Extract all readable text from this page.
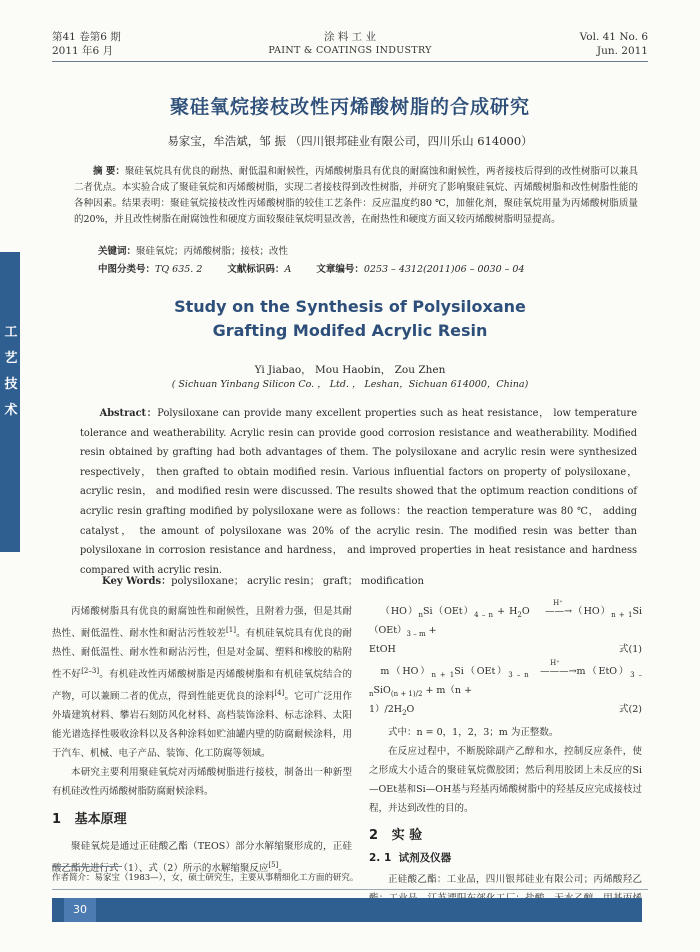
第41 卷第6 期
2011 年6 月
涂 料 工 业
PAINT & COATINGS INDUSTRY
Vol. 41 No. 6
Jun. 2011
工艺技术
聚硅氧烷接枝改性丙烯酸树脂的合成研究
易家宝，牟浩斌，邹 振 （四川银邦硅业有限公司，四川乐山 614000）
摘 要：聚硅氧烷具有优良的耐热、耐低温和耐候性，丙烯酸树脂具有优良的耐腐蚀和耐候性，两者接枝后得到的改性树脂可以兼具二者优点。本实验合成了聚硅氧烷和丙烯酸树脂，实现二者接枝得到改性树脂，并研究了影响聚硅氧烷、丙烯酸树脂和改性树脂性能的各种因素。结果表明：聚硅氧烷接枝改性丙烯酸树脂的较佳工艺条件：反应温度约80 ℃，加催化剂，聚硅氧烷用量为丙烯酸树脂质量的20%，并且改性树脂在耐腐蚀性和硬度方面较聚硅氧烷明显改善，在耐热性和硬度方面又较丙烯酸树脂明显提高。
关键词：聚硅氧烷；丙烯酸树脂；接枝；改性
中图分类号：TQ 635. 2	文献标识码：A	文章编号：0253 – 4312(2011)06 – 0030 – 04
Study on the Synthesis of Polysiloxane
Grafting Modifed Acrylic Resin
Yi Jiabao， Mou Haobin， Zou Zhen
( Sichuan Yinbang Silicon Co. ， Ltd. ， Leshan，Sichuan 614000，China)
Abstract：Polysiloxane can provide many excellent properties such as heat resistance， low temperature tolerance and weatherability. Acrylic resin can provide good corrosion resistance and weatherability. Modified resin obtained by grafting had both advantages of them. The polysiloxane and acrylic resin were synthesized respectively， then grafted to obtain modified resin. Various influential factors on property of polysiloxane， acrylic resin， and modified resin were discussed. The results showed that the optimum reaction conditions of acrylic resin grafting modified by polysiloxane were as follows：the reaction temperature was 80 ℃， adding catalyst， the amount of polysiloxane was 20% of the acrylic resin. The modified resin was better than polysiloxane in corrosion resistance and hardness， and improved properties in heat resistance and hardness compared with acrylic resin.
Key Words：polysiloxane； acrylic resin； graft； modification

丙烯酸树脂具有优良的耐腐蚀性和耐候性，且附着力强，但是其耐热性、耐低温性、耐水性和耐沾污性较差[1]。有机硅氧烷具有优良的耐热性、耐低温性、耐水性和耐沾污性，但是对金属、塑料和橡胶的粘附性不好[2–3]。有机硅改性丙烯酸树脂是丙烯酸树脂和有机硅氧烷结合的产物，可以兼顾二者的优点，得到性能更优良的涂料[4]。它可广泛用作外墙建筑材料、攀岩石刻防风化材料、高档装饰涂料、标志涂料、太阳能光谱选择性吸收涂料以及各种涂料如贮油罐内壁的防腐耐候涂料，用于汽车、机械、电子产品、装饰、化工防腐等领域。

本研究主要利用聚硅氧烷对丙烯酸树脂进行接枝，制备出一种新型有机硅改性丙烯酸树脂防腐耐候涂料。

1 基本原理

聚硅氧烷是通过正硅酸乙酯（TEOS）部分水解缩聚形成的，正硅酸乙酯先进行式（1）、式（2）所示的水解缩聚反应[5]。

$(HO)_nSi(OEt)_{4 - n} + H_2O$
H⁺
$——\to(HO)_{n + 1}Si(OEt)_{3 - m}$ +
EtOH	式(1)
$m(HO)_{n + 1}Si(OEt)_{3 - n}$
H⁺
$———\to m(EtO)_{3 - n}SiO_{(n + 1)/2} + m(n$ +
$1)/2H_2O$	式(2)

式中：n = 0，1，2，3；m 为正整数。

在反应过程中，不断脱除副产乙醇和水，控制反应条件，使之形成大小适合的聚硅氧烷微胶团；然后利用胶团上未反应的Si—OEt基和Si—OH基与羟基丙烯酸树脂中的羟基反应完成接枝过程，并达到改性的目的。

2 实 验
2. 1 试剂及仪器

正硅酸乙酯：工业品，四川银邦硅业有限公司；丙烯酸羟乙

作者简介：易家宝（1983—），女，硕士研究生，主要从事精细化工方面的研究。
30
